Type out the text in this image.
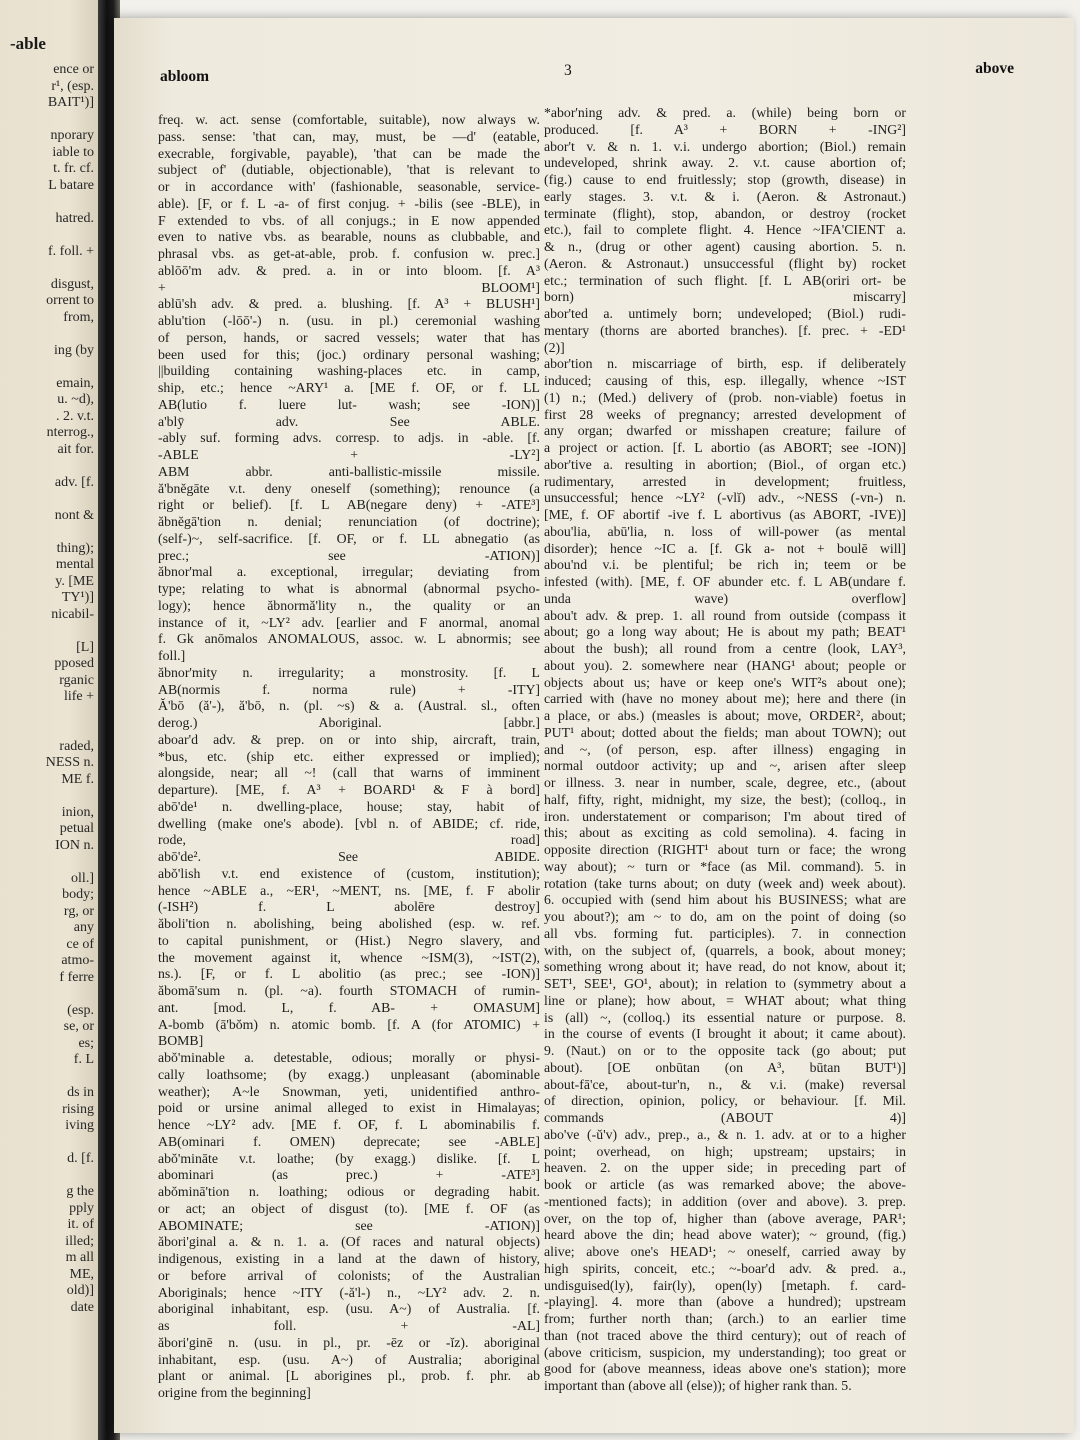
-able
ence or
r¹, (esp.
BAIT¹)]

nporary
iable to
t. fr. cf.
L batare

hatred.

f. foll. +

disgust,
orrent to
from,

ing (by

emain,
u. ~d),
. 2. v.t.
nterrog.,
ait for.

adv. [f.

nont &

thing);
mental
y. [ME
TY¹)]
nicabil-

[L]
pposed
rganic
life +

raded,
NESS n.
ME f.

inion,
petual
ION n.

oll.]
body;
rg, or
any
ce of
atmo-
f ferre

(esp.
se, or
es;
f. L

ds in
rising
iving

d. [f.

g the
pply
it. of
illed;
m all
ME,
old)]
date
abloom	3	above
freq. w. act. sense (comfortable, suitable), now always w.
pass. sense: 'that can, may, must, be —d' (eatable,
execrable, forgivable, payable), 'that can be made the
subject of' (dutiable, objectionable), 'that is relevant to
or in accordance with' (fashionable, seasonable, service-
able). [F, or f. L -a- of first conjug. + -bilis (see -BLE), in
F extended to vbs. of all conjugs.; in E now appended
even to native vbs. as bearable, nouns as clubbable, and
phrasal vbs. as get-at-able, prob. f. confusion w. prec.]
ablōō'm adv. & pred. a. in or into bloom. [f. A³
+ BLOOM¹]
ablū'sh adv. & pred. a. blushing. [f. A³ + BLUSH¹]
ablu'tion (-lōō'-) n. (usu. in pl.) ceremonial washing
of person, hands, or sacred vessels; water that has
been used for this; (joc.) ordinary personal washing;
||building containing washing-places etc. in camp,
ship, etc.; hence ~ARY¹ a. [ME f. OF, or f. LL
AB(lutio f. luere lut- wash; see -ION)]
a'blȳ adv. See ABLE.
-ably suf. forming advs. corresp. to adjs. in -able. [f.
-ABLE + -LY²]
ABM abbr. anti-ballistic-missile missile.
ă'bnĕgāte v.t. deny oneself (something); renounce (a
right or belief). [f. L AB(negare deny) + -ATE³]
ăbnĕgā'tion n. denial; renunciation (of doctrine);
(self-)~, self-sacrifice. [f. OF, or f. LL abnegatio (as
prec.; see -ATION)]
ăbnor'mal a. exceptional, irregular; deviating from
type; relating to what is abnormal (abnormal psycho-
logy); hence ăbnormă'lity n., the quality or an
instance of it, ~LY² adv. [earlier and F anormal, anomal
f. Gk anōmalos ANOMALOUS, assoc. w. L abnormis; see
foll.]
ăbnor'mity n. irregularity; a monstrosity. [f. L
AB(normis f. norma rule) + -ITY]
Ă'bō (ă'-), ă'bō, n. (pl. ~s) & a. (Austral. sl., often
derog.) Aboriginal. [abbr.]
aboar'd adv. & prep. on or into ship, aircraft, train,
*bus, etc. (ship etc. either expressed or implied);
alongside, near; all ~! (call that warns of imminent
departure). [ME, f. A³ + BOARD¹ & F à bord]
abō'de¹ n. dwelling-place, house; stay, habit of
dwelling (make one's abode). [vbl n. of ABIDE; cf. ride,
rode, road]
abō'de². See ABIDE.
abŏ'lish v.t. end existence of (custom, institution);
hence ~ABLE a., ~ER¹, ~MENT, ns. [ME, f. F abolir
(-ISH²) f. L abolēre destroy]
ăboli'tion n. abolishing, being abolished (esp. w. ref.
to capital punishment, or (Hist.) Negro slavery, and
the movement against it, whence ~ISM(3), ~IST(2),
ns.). [F, or f. L abolitio (as prec.; see -ION)]
ăbomā'sum n. (pl. ~a). fourth STOMACH of rumin-
ant. [mod. L, f. AB- + OMASUM]
A-bomb (ā'bŏm) n. atomic bomb. [f. A (for ATOMIC) +
BOMB]
abŏ'minable a. detestable, odious; morally or physi-
cally loathsome; (by exagg.) unpleasant (abominable
weather); A~le Snowman, yeti, unidentified anthro-
poid or ursine animal alleged to exist in Himalayas;
hence ~LY² adv. [ME f. OF, f. L abominabilis f.
AB(ominari f. OMEN) deprecate; see -ABLE]
abŏ'mināte v.t. loathe; (by exagg.) dislike. [f. L
abominari (as prec.) + -ATE³]
abŏminā'tion n. loathing; odious or degrading habit.
or act; an object of disgust (to). [ME f. OF (as
ABOMINATE; see -ATION)]
ăbori'ginal a. & n. 1. a. (Of races and natural objects)
indigenous, existing in a land at the dawn of history,
or before arrival of colonists; of the Australian
Aboriginals; hence ~ITY (-ă'l-) n., ~LY² adv. 2. n.
aboriginal inhabitant, esp. (usu. A~) of Australia. [f.
as foll. + -AL]
ăbori'ginē n. (usu. in pl., pr. -ēz or -ĭz). aboriginal
inhabitant, esp. (usu. A~) of Australia; aboriginal
plant or animal. [L aborigines pl., prob. f. phr. ab
origine from the beginning]
*abor'ning adv. & pred. a. (while) being born or
produced. [f. A³ + BORN + -ING²]
abor't v. & n. 1. v.i. undergo abortion; (Biol.) remain
undeveloped, shrink away. 2. v.t. cause abortion of;
(fig.) cause to end fruitlessly; stop (growth, disease) in
early stages. 3. v.t. & i. (Aeron. & Astronaut.)
terminate (flight), stop, abandon, or destroy (rocket
etc.), fail to complete flight. 4. Hence ~IFA'CIENT a.
& n., (drug or other agent) causing abortion. 5. n.
(Aeron. & Astronaut.) unsuccessful (flight by) rocket
etc.; termination of such flight. [f. L AB(oriri ort- be
born) miscarry]
abor'ted a. untimely born; undeveloped; (Biol.) rudi-
mentary (thorns are aborted branches). [f. prec. + -ED¹
(2)]
abor'tion n. miscarriage of birth, esp. if deliberately
induced; causing of this, esp. illegally, whence ~IST
(1) n.; (Med.) delivery of (prob. non-viable) foetus in
first 28 weeks of pregnancy; arrested development of
any organ; dwarfed or misshapen creature; failure of
a project or action. [f. L abortio (as ABORT; see -ION)]
abor'tive a. resulting in abortion; (Biol., of organ etc.)
rudimentary, arrested in development; fruitless,
unsuccessful; hence ~LY² (-vlĭ) adv., ~NESS (-vn-) n.
[ME, f. OF abortif -ive f. L abortivus (as ABORT, -IVE)]
abou'lia, abū'lia, n. loss of will-power (as mental
disorder); hence ~IC a. [f. Gk a- not + boulē will]
abou'nd v.i. be plentiful; be rich in; teem or be
infested (with). [ME, f. OF abunder etc. f. L AB(undare f.
unda wave) overflow]
abou't adv. & prep. 1. all round from outside (compass it
about; go a long way about; He is about my path; BEAT¹
about the bush); all round from a centre (look, LAY³,
about you). 2. somewhere near (HANG¹ about; people or
objects about us; have or keep one's WIT²s about one);
carried with (have no money about me); here and there (in
a place, or abs.) (measles is about; move, ORDER², about;
PUT¹ about; dotted about the fields; man about TOWN); out
and ~, (of person, esp. after illness) engaging in
normal outdoor activity; up and ~, arisen after sleep
or illness. 3. near in number, scale, degree, etc., (about
half, fifty, right, midnight, my size, the best); (colloq., in
iron. understatement or comparison; I'm about tired of
this; about as exciting as cold semolina). 4. facing in
opposite direction (RIGHT¹ about turn or face; the wrong
way about); ~ turn or *face (as Mil. command). 5. in
rotation (take turns about; on duty (week and) week about).
6. occupied with (send him about his BUSINESS; what are
you about?); am ~ to do, am on the point of doing (so
all vbs. forming fut. participles). 7. in connection
with, on the subject of, (quarrels, a book, about money;
something wrong about it; have read, do not know, about it;
SET¹, SEE¹, GO¹, about); in relation to (symmetry about a
line or plane); how about, = WHAT about; what thing
is (all) ~, (colloq.) its essential nature or purpose. 8.
in the course of events (I brought it about; it came about).
9. (Naut.) on or to the opposite tack (go about; put
about). [OE onbūtan (on A³, būtan BUT¹)]
about-fā'ce, about-tur'n, n., & v.i. (make) reversal
of direction, opinion, policy, or behaviour. [f. Mil.
commands (ABOUT 4)]
abo've (-ŭ'v) adv., prep., a., & n. 1. adv. at or to a higher
point; overhead, on high; upstream; upstairs; in
heaven. 2. on the upper side; in preceding part of
book or article (as was remarked above; the above-
-mentioned facts); in addition (over and above). 3. prep.
over, on the top of, higher than (above average, PAR¹;
heard above the din; head above water); ~ ground, (fig.)
alive; above one's HEAD¹; ~ oneself, carried away by
high spirits, conceit, etc.; ~-boar'd adv. & pred. a.,
undisguised(ly), fair(ly), open(ly) [metaph. f. card-
-playing]. 4. more than (above a hundred); upstream
from; further north than; (arch.) to an earlier time
than (not traced above the third century); out of reach of
(above criticism, suspicion, my understanding); too great or
good for (above meanness, ideas above one's station); more
important than (above all (else)); of higher rank than. 5.
